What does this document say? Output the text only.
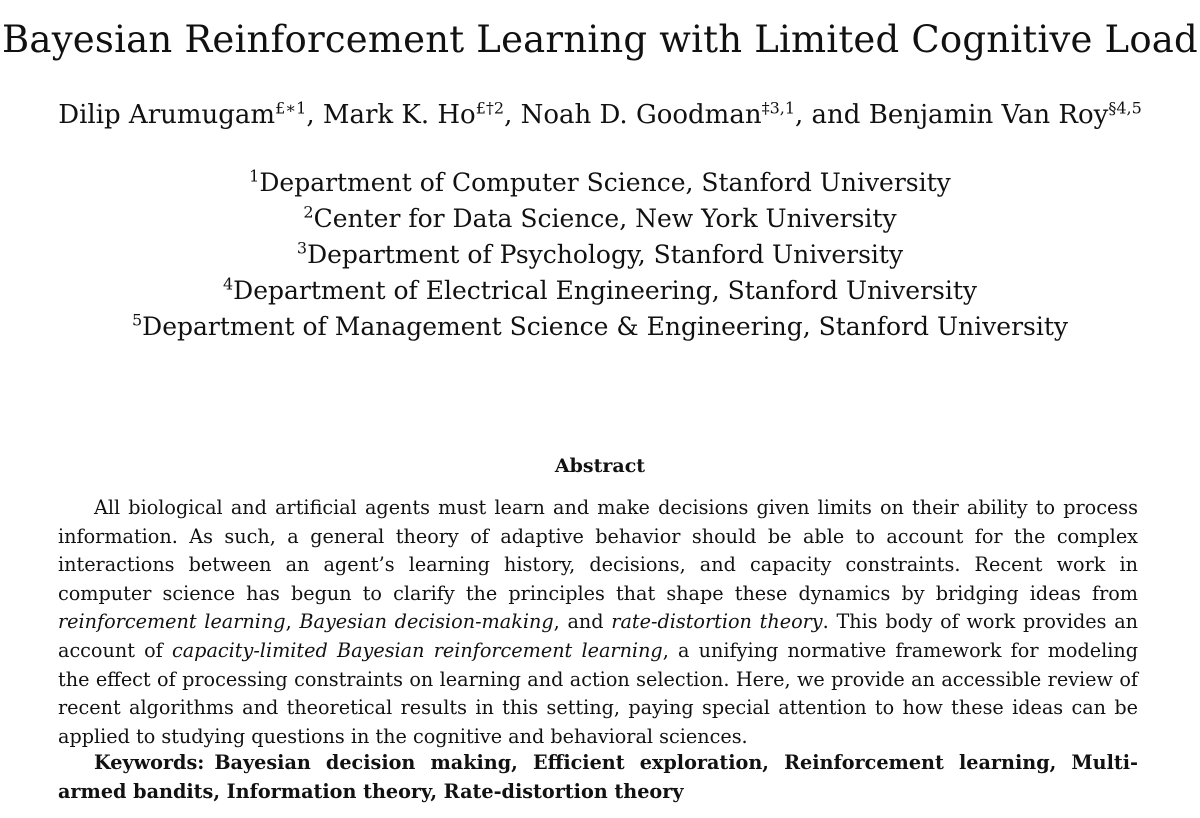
Bayesian Reinforcement Learning with Limited Cognitive Load

Dilip Arumugam$^{£∗1}$, Mark K. $Ho^{£\dagger 2}$, Noah D. Goodman$^{\ddagger 3,1}$, and Benjamin Van Roy$^{\S 4,5}$

$^1$Department of Computer Science, Stanford University
$^2$Center for Data Science, New York University
$^3$Department of Psychology, Stanford University
$^4$Department of Electrical Engineering, Stanford University
$^5$Department of Management Science & Engineering, Stanford University
Abstract

All biological and artificial agents must learn and make decisions given limits on their ability to process information. As such, a general theory of adaptive behavior should be able to account for the complex interactions between an agent’s learning history, decisions, and capacity constraints. Recent work in computer science has begun to clarify the principles that shape these dynamics by bridging ideas from reinforcement learning, Bayesian decision-making, and rate-distortion theory. This body of work provides an account of capacity-limited Bayesian reinforcement learning, a unifying normative framework for modeling the effect of processing constraints on learning and action selection. Here, we provide an accessible review of recent algorithms and theoretical results in this setting, paying special attention to how these ideas can be applied to studying questions in the cognitive and behavioral sciences.

Keywords: Bayesian decision making, Efficient exploration, Reinforcement learning, Multi-armed bandits, Information theory, Rate-distortion theory
